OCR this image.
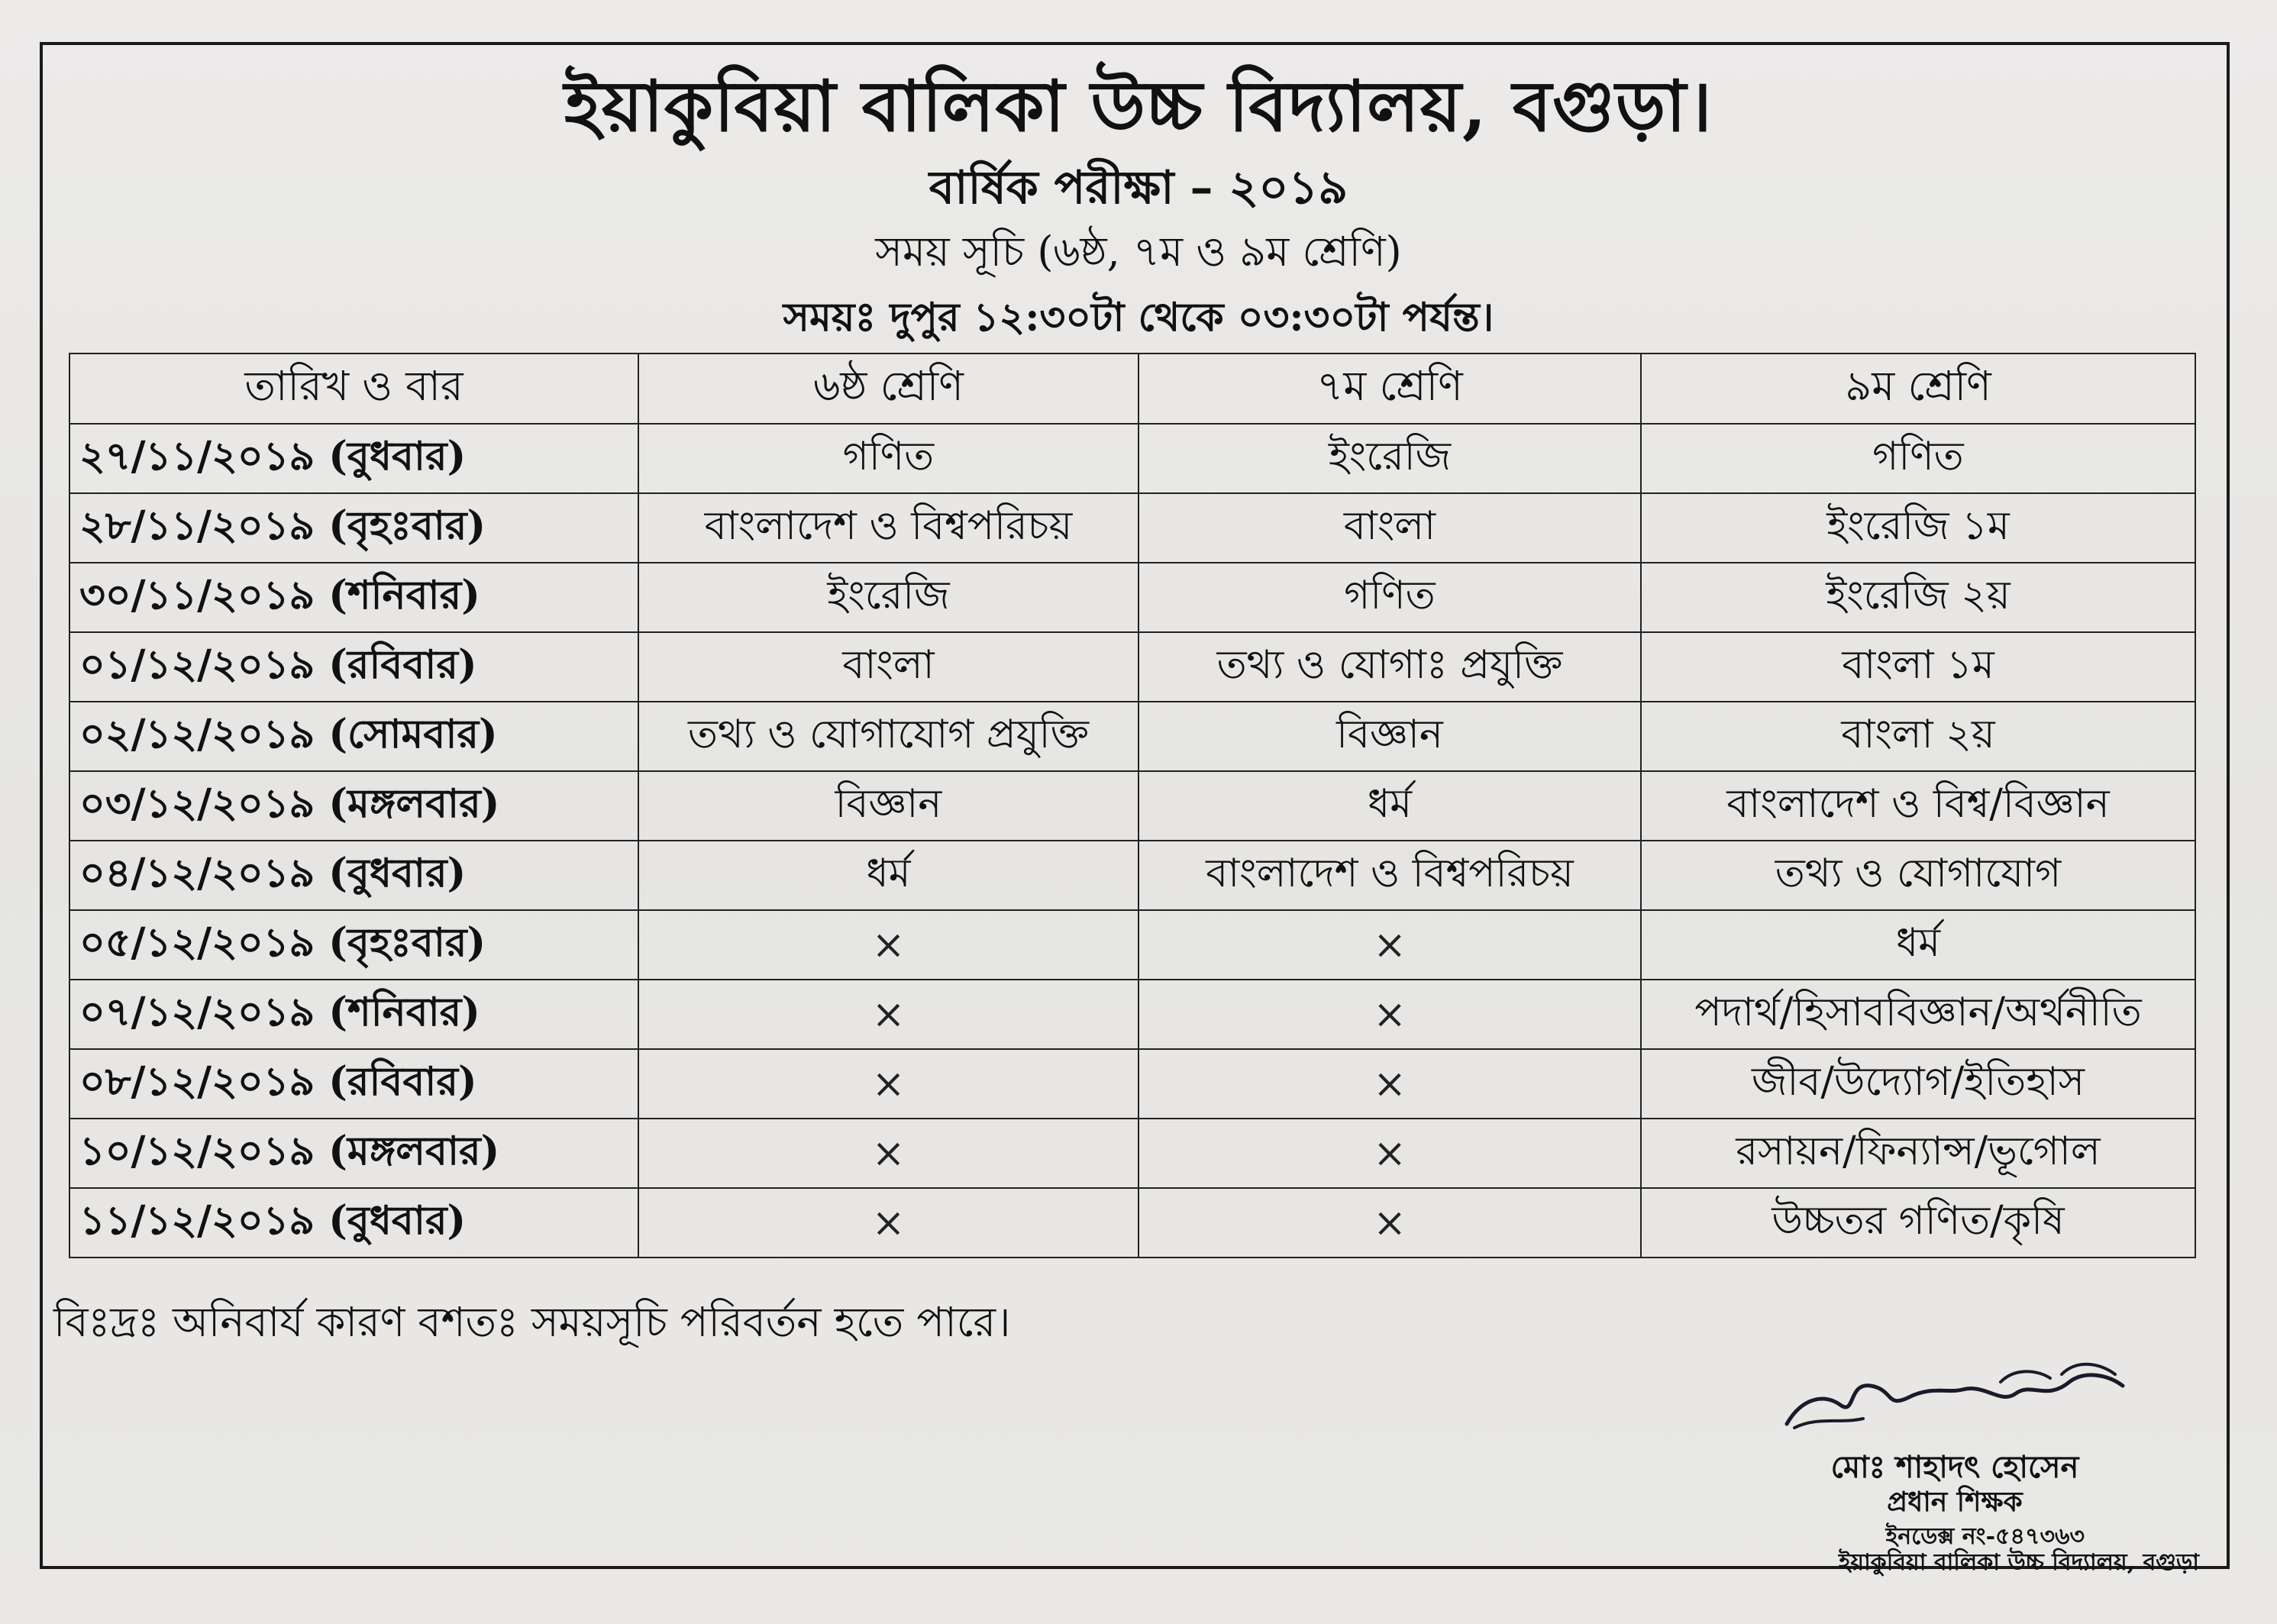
ইয়াকুবিয়া বালিকা উচ্চ বিদ্যালয়, বগুড়া।
বার্ষিক পরীক্ষা – ২০১৯
সময় সূচি (৬ষ্ঠ, ৭ম ও ৯ম শ্রেণি)
সময়ঃ দুপুর ১২:৩০টা থেকে ০৩:৩০টা পর্যন্ত।
তারিখ ও বার	৬ষ্ঠ শ্রেণি	৭ম শ্রেণি	৯ম শ্রেণি
২৭/১১/২০১৯ (বুধবার)	গণিত	ইংরেজি	গণিত
২৮/১১/২০১৯ (বৃহঃবার)	বাংলাদেশ ও বিশ্বপরিচয়	বাংলা	ইংরেজি ১ম
৩০/১১/২০১৯ (শনিবার)	ইংরেজি	গণিত	ইংরেজি ২য়
০১/১২/২০১৯ (রবিবার)	বাংলা	তথ্য ও যোগাঃ প্রযুক্তি	বাংলা ১ম
০২/১২/২০১৯ (সোমবার)	তথ্য ও যোগাযোগ প্রযুক্তি	বিজ্ঞান	বাংলা ২য়
০৩/১২/২০১৯ (মঙ্গলবার)	বিজ্ঞান	ধর্ম	বাংলাদেশ ও বিশ্ব/বিজ্ঞান
০৪/১২/২০১৯ (বুধবার)	ধর্ম	বাংলাদেশ ও বিশ্বপরিচয়	তথ্য ও যোগাযোগ
০৫/১২/২০১৯ (বৃহঃবার)	×	×	ধর্ম
০৭/১২/২০১৯ (শনিবার)	×	×	পদার্থ/হিসাববিজ্ঞান/অর্থনীতি
০৮/১২/২০১৯ (রবিবার)	×	×	জীব/উদ্যোগ/ইতিহাস
১০/১২/২০১৯ (মঙ্গলবার)	×	×	রসায়ন/ফিন্যান্স/ভূগোল
১১/১২/২০১৯ (বুধবার)	×	×	উচ্চতর গণিত/কৃষি
বিঃদ্রঃ অনিবার্য কারণ বশতঃ সময়সূচি পরিবর্তন হতে পারে।
মোঃ শাহাদৎ হোসেন
প্রধান শিক্ষক
ইনডেক্স নং-৫৪৭৩৬৩
ইয়াকুবিয়া বালিকা উচ্চ বিদ্যালয়, বগুড়া
